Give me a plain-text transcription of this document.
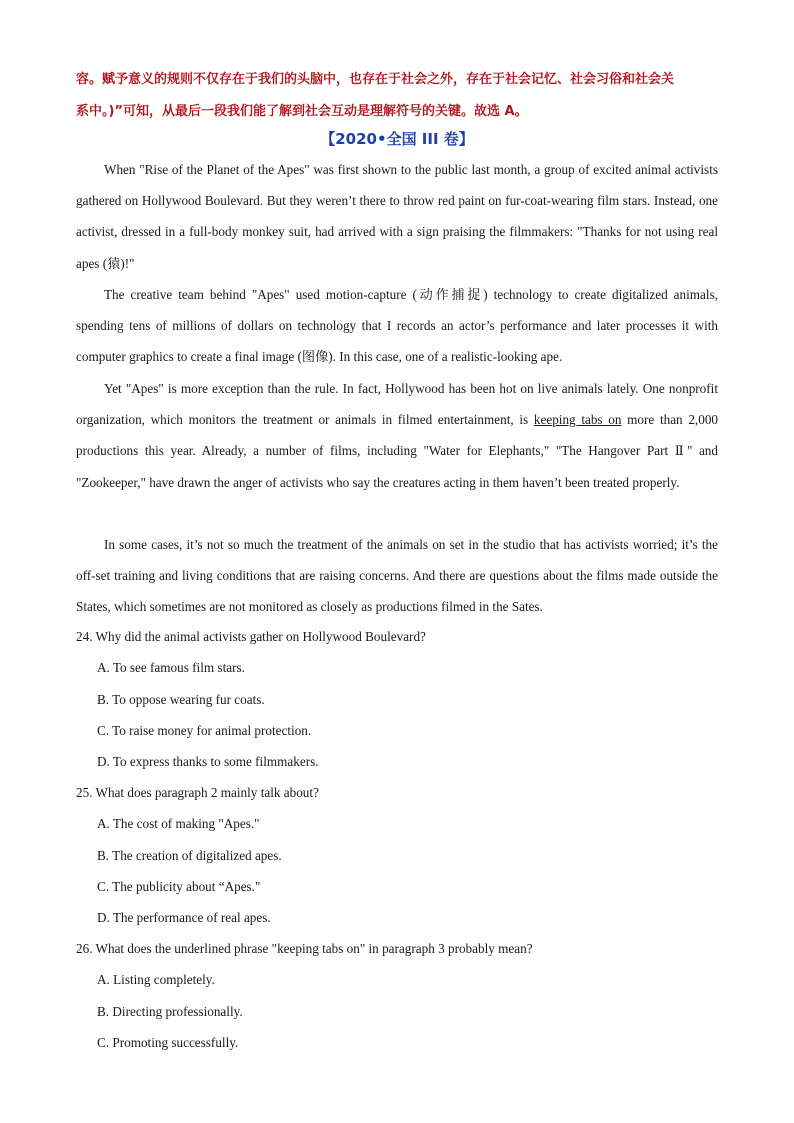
容。赋予意义的规则不仅存在于我们的头脑中，也存在于社会之外，存在于社会记忆、社会习俗和社会关
系中。)”可知，从最后一段我们能了解到社会互动是理解符号的关键。故选 A。
【2020•全国 III 卷】

When "Rise of the Planet of the Apes" was first shown to the public last month, a group of excited animal activists gathered on Hollywood Boulevard. But they weren’t there to throw red paint on fur-coat-wearing film stars. Instead, one activist, dressed in a full-body monkey suit, had arrived with a sign praising the filmmakers: "Thanks for not using real apes (猿)!"

The creative team behind "Apes" used motion-capture (动作捕捉) technology to create digitalized animals, spending tens of millions of dollars on technology that I records an actor’s performance and later processes it with computer graphics to create a final image (图像). In this case, one of a realistic-looking ape.

Yet "Apes" is more exception than the rule. In fact, Hollywood has been hot on live animals lately. One nonprofit organization, which monitors the treatment or animals in filmed entertainment, is keeping tabs on more than 2,000 productions this year. Already, a number of films, including "Water for Elephants," "The Hangover Part Ⅱ" and "Zookeeper," have drawn the anger of activists who say the creatures acting in them haven’t been treated properly.

In some cases, it’s not so much the treatment of the animals on set in the studio that has activists worried; it’s the off-set training and living conditions that are raising concerns. And there are questions about the films made outside the States, which sometimes are not monitored as closely as productions filmed in the Sates.

24. Why did the animal activists gather on Hollywood Boulevard?

A. To see famous film stars.

B. To oppose wearing fur coats.

C. To raise money for animal protection.

D. To express thanks to some filmmakers.

25. What does paragraph 2 mainly talk about?

A. The cost of making "Apes."

B. The creation of digitalized apes.

C. The publicity about “Apes."

D. The performance of real apes.

26. What does the underlined phrase "keeping tabs on" in paragraph 3 probably mean?

A. Listing completely.

B. Directing professionally.

C. Promoting successfully.
